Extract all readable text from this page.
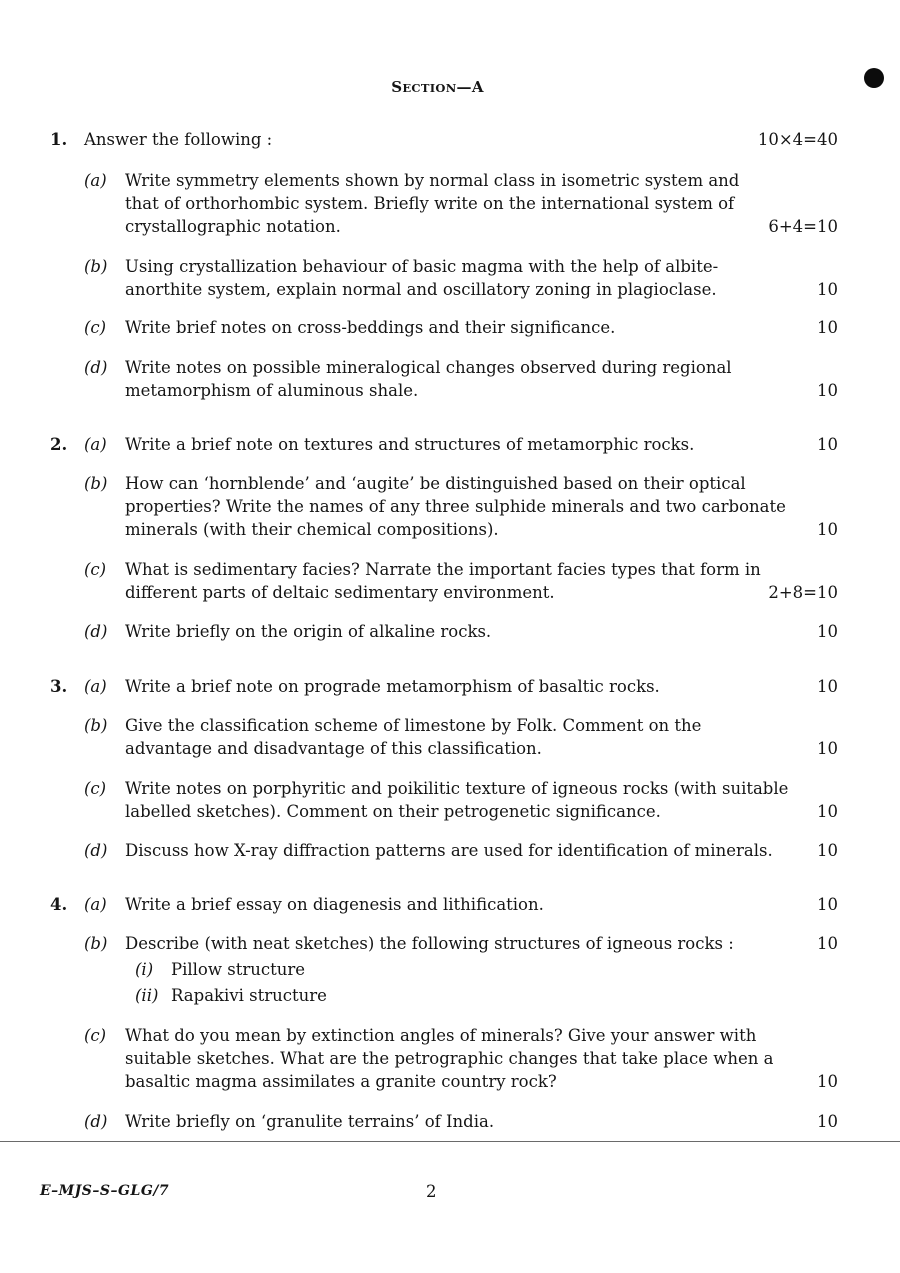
SECTION—A
1. Answer the following :	10×4=40
(a) Write symmetry elements shown by normal class in isometric system and

that of orthorhombic system. Briefly write on the international system of

crystallographic notation.	6+4=10
(b) Using crystallization behaviour of basic magma with the help of albite-

anorthite system, explain normal and oscillatory zoning in plagioclase.	10
(c) Write brief notes on cross-beddings and their significance.	10
(d) Write notes on possible mineralogical changes observed during regional

metamorphism of aluminous shale.	10
2. (a) Write a brief note on textures and structures of metamorphic rocks.	10
(b) How can ‘hornblende’ and ‘augite’ be distinguished based on their optical

properties? Write the names of any three sulphide minerals and two carbonate

minerals (with their chemical compositions).	10
(c) What is sedimentary facies? Narrate the important facies types that form in

different parts of deltaic sedimentary environment.	2+8=10
(d) Write briefly on the origin of alkaline rocks.	10
3. (a) Write a brief note on prograde metamorphism of basaltic rocks.	10
(b) Give the classification scheme of limestone by Folk. Comment on the

advantage and disadvantage of this classification.	10
(c) Write notes on porphyritic and poikilitic texture of igneous rocks (with suitable

labelled sketches). Comment on their petrogenetic significance.	10
(d) Discuss how X-ray diffraction patterns are used for identification of minerals.	10
4. (a) Write a brief essay on diagenesis and lithification.	10
(b) Describe (with neat sketches) the following structures of igneous rocks :	10
(i) Pillow structure
(ii) Rapakivi structure
(c) What do you mean by extinction angles of minerals? Give your answer with

suitable sketches. What are the petrographic changes that take place when a

basaltic magma assimilates a granite country rock?	10
(d) Write briefly on ‘granulite terrains’ of India.	10
E–MJS–S–GLG/7	2
